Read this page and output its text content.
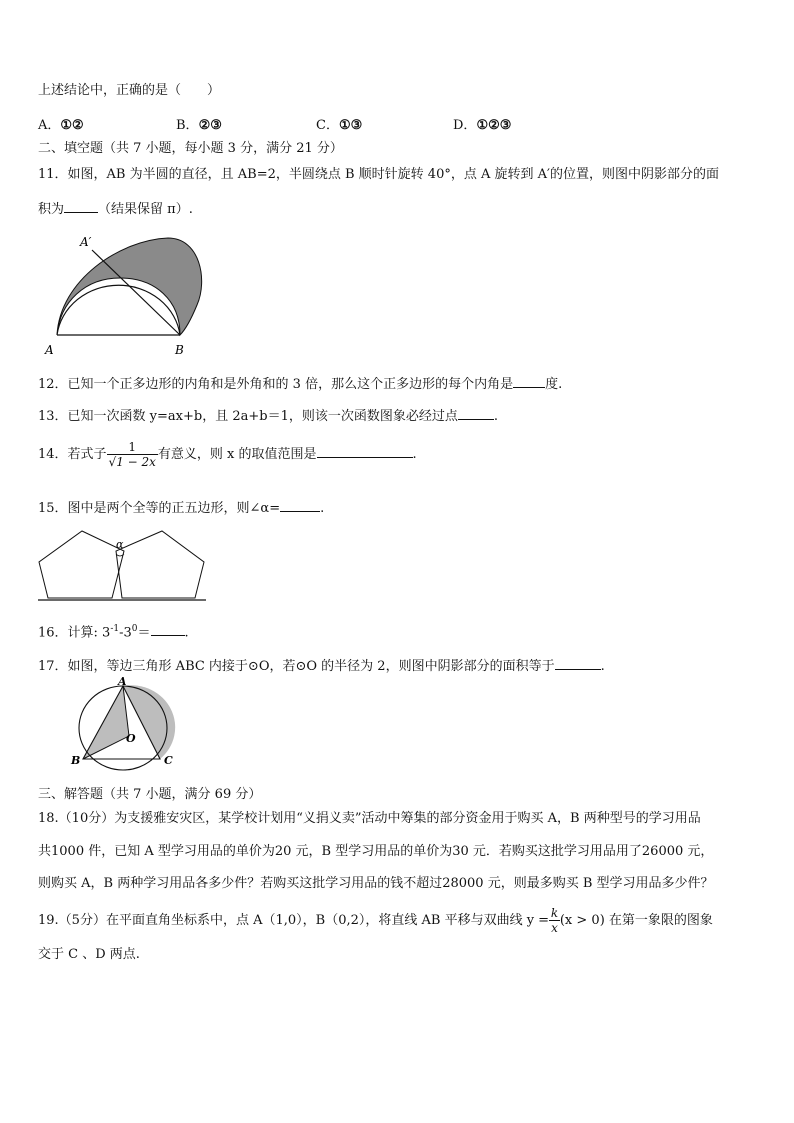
上述结论中，正确的是（　　）
A．①②	B．②③	C．①③	D．①②③
二、填空题（共 7 小题，每小题 3 分，满分 21 分）
11．如图，AB 为半圆的直径，且 AB=2，半圆绕点 B 顺时针旋转 40°，点 A 旋转到 A′的位置，则图中阴影部分的面
积为	（结果保留 π）.
A′
A	B
12．已知一个正多边形的内角和是外角和的 3 倍，那么这个正多边形的每个内角是 度.
13．已知一次函数 y=ax+b，且 2a+b＝1，则该一次函数图象必经过点	.
14．若式子 $\frac{1}{√1 - 2x}$ 有意义，则 x 的取值范围是	.
15．图中是两个全等的正五边形，则∠α=	.
α
16．计算: $3^{-1}-3^0=$	.
17．如图，等边三角形 ABC 内接于⊙O，若⊙O 的半径为 2，则图中阴影部分的面积等于	.
A
B	C
O
三、解答题（共 7 小题，满分 69 分）
18.（10分）为支援雅安灾区，某学校计划用“义捐义卖”活动中筹集的部分资金用于购买 A，B 两种型号的学习用品
共1000 件，已知 A 型学习用品的单价为20 元，B 型学习用品的单价为30 元．若购买这批学习用品用了26000 元，
则购买 A，B 两种学习用品各多少件？若购买这批学习用品的钱不超过28000 元，则最多购买 B 型学习用品多少件？
19.（5分）在平面直角坐标系中，点 A（1,0），B（0,2），将直线 AB 平移与双曲线 $y = \frac{k}{x} (x > 0)$ 在第一象限的图象
交于 C 、D 两点.
